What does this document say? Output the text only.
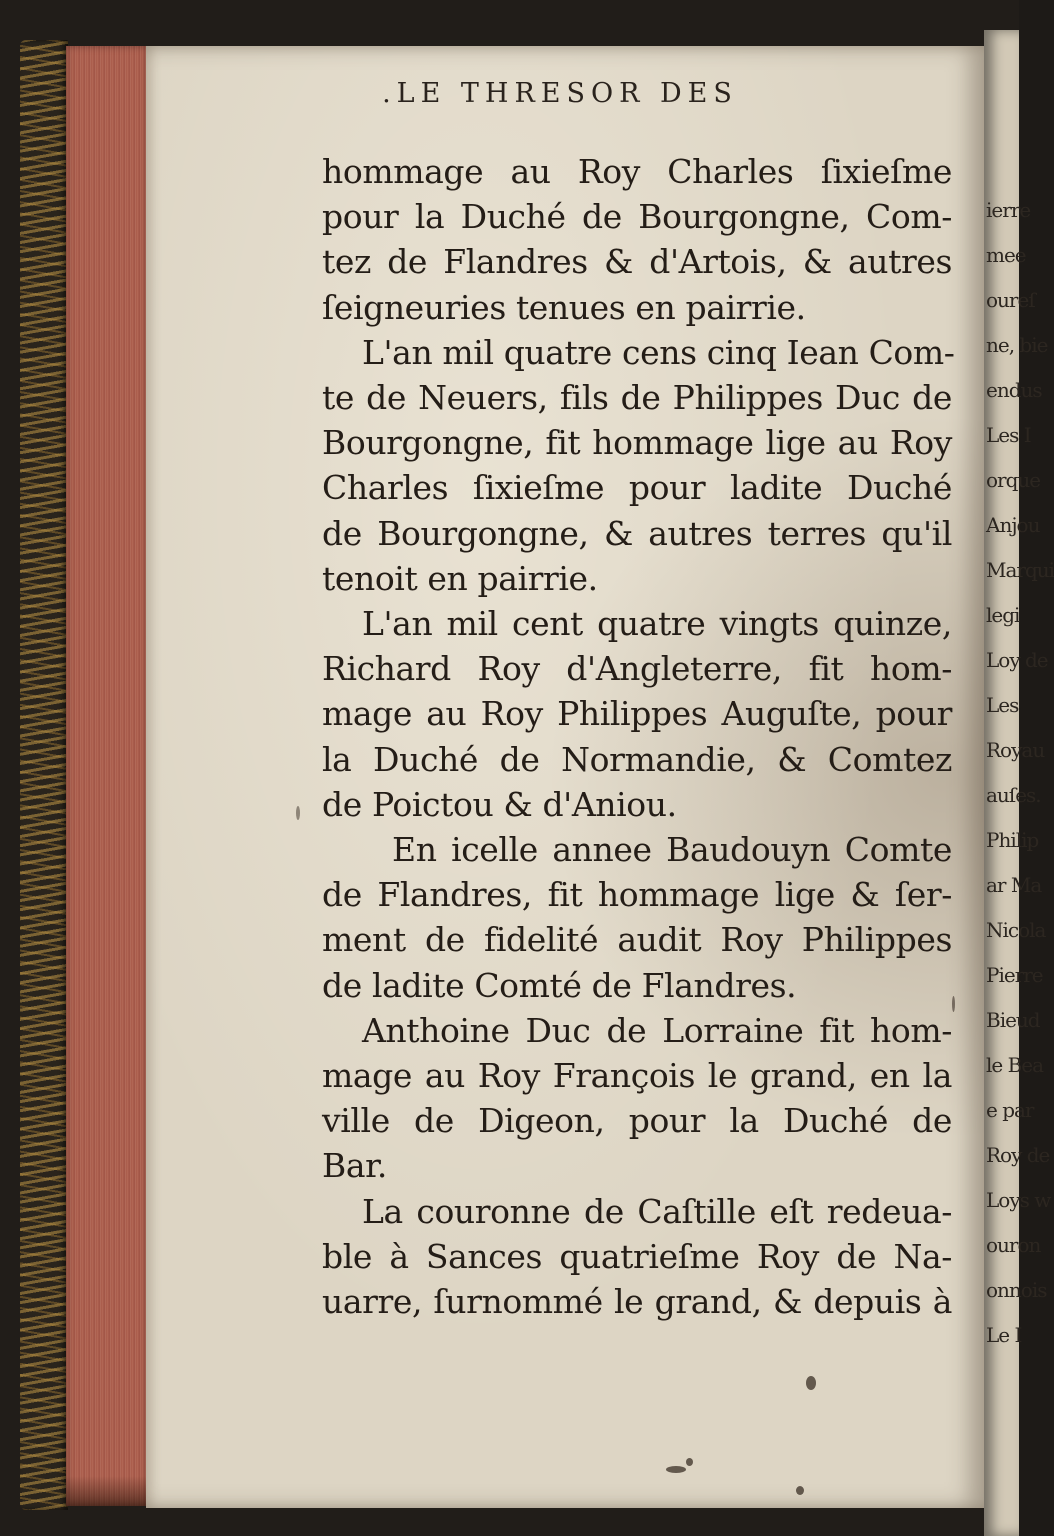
.LE THRESOR DES
hommage au Roy Charles ſixieſme
pour la Duché de Bourgongne, Com-
tez de Flandres & d'Artois, & autres
ſeigneuries tenues en pairrie.
L'an mil quatre cens cinq Iean Com-
te de Neuers, fils de Philippes Duc de
Bourgongne, fit hommage lige au Roy
Charles ſixieſme pour ladite Duché
de Bourgongne, & autres terres qu'il
tenoit en pairrie.
L'an mil cent quatre vingts quinze,
Richard Roy d'Angleterre, fit hom-
mage au Roy Philippes Auguſte, pour
la Duché de Normandie, & Comtez
de Poictou & d'Aniou.
En icelle annee Baudouyn Comte
de Flandres, fit hommage lige & ſer-
ment de fidelité audit Roy Philippes
de ladite Comté de Flandres.
Anthoine Duc de Lorraine fit hom-
mage au Roy François le grand, en la
ville de Digeon, pour la Duché de
Bar.
La couronne de Caſtille eſt redeua-
ble à Sances quatrieſme Roy de Na-
uarre, ſurnommé le grand, & depuis à
ierre
mee
oureſ
ne, bie
endus
Les I
orque
Anjou
Marqui
legi
Loy de
Les
Royau
auſes.
Philip
ar Ma
Nicola
Pierre
Bieud
le Bea
e par
Roy de
Loys w
ouron
onnois
Le I
